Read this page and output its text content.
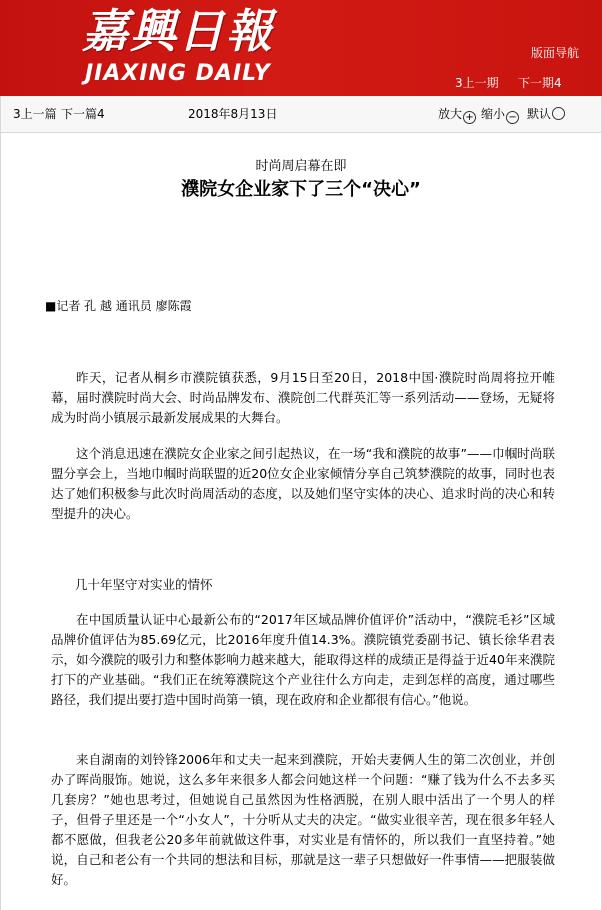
嘉興日報
JIAXING DAILY
版面导航
3上一期 下一期4
3上一篇 下一篇4	2018年8月13日	放大 + 缩小 − 默认
时尚周启幕在即
濮院女企业家下了三个“决心”
■记者 孔 越 通讯员 廖陈霞

昨天，记者从桐乡市濮院镇获悉，9月15日至20日，2018中国·濮院时尚周将拉开帷幕，届时濮院时尚大会、时尚品牌发布、濮院创二代群英汇等一系列活动——登场，无疑将成为时尚小镇展示最新发展成果的大舞台。

这个消息迅速在濮院女企业家之间引起热议，在一场“我和濮院的故事”——巾帼时尚联盟分享会上，当地巾帼时尚联盟的近20位女企业家倾情分享自己筑梦濮院的故事，同时也表达了她们积极参与此次时尚周活动的态度，以及她们坚守实体的决心、追求时尚的决心和转型提升的决心。

几十年坚守对实业的情怀

在中国质量认证中心最新公布的“2017年区域品牌价值评价”活动中，“濮院毛衫”区域品牌价值评估为85.69亿元，比2016年度升值14.3%。濮院镇党委副书记、镇长徐华君表示，如今濮院的吸引力和整体影响力越来越大，能取得这样的成绩正是得益于近40年来濮院打下的产业基础。“我们正在统筹濮院这个产业往什么方向走，走到怎样的高度，通过哪些路径，我们提出要打造中国时尚第一镇，现在政府和企业都很有信心。”他说。

来自湖南的刘铃锋2006年和丈夫一起来到濮院，开始夫妻俩人生的第二次创业，并创办了晖尚服饰。她说，这么多年来很多人都会问她这样一个问题：“赚了钱为什么不去多买几套房？”她也思考过，但她说自己虽然因为性格洒脱，在别人眼中活出了一个男人的样子，但骨子里还是一个“小女人”，十分听从丈夫的决定。“做实业很辛苦，现在很多年轻人都不愿做，但我老公20多年前就做这件事，对实业是有情怀的，所以我们一直坚持着。”她说，自己和老公有一个共同的想法和目标，那就是这一辈子只想做好一件事情——把服装做好。
